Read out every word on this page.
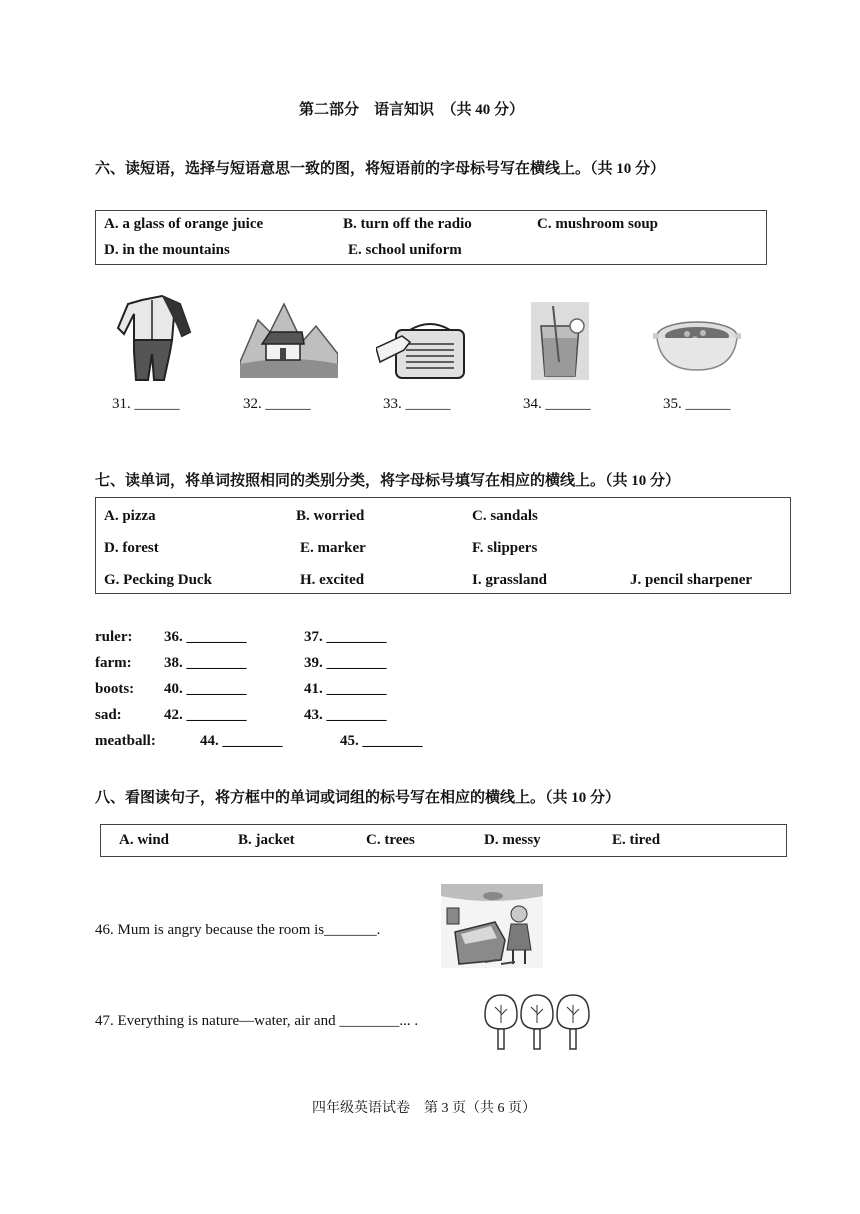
第二部分　语言知识　（共 40 分）
六、读短语，选择与短语意思一致的图，将短语前的字母标号写在横线上。（共 10 分）
A. a glass of orange juice	B. turn off the radio	C. mushroom soup
D. in the mountains	E. school uniform
31. ______	32. ______	33. ______	34. ______	35. ______
七、读单词，将单词按照相同的类别分类，将字母标号填写在相应的横线上。（共 10 分）
A. pizza	B. worried	C. sandals
D. forest	E. marker	F. slippers
G. Pecking Duck	H. excited	I. grassland	J. pencil sharpener
ruler: 36. ________	37. ________
farm: 38. ________	39. ________
boots: 40. ________	41. ________
sad:	42. ________	43. ________
meatball:	44. ________	45. ________
八、看图读句子，将方框中的单词或词组的标号写在相应的横线上。（共 10 分）
A. wind	B. jacket	C. trees	D. messy	E. tired
46. Mum is angry because the room is_______.
47. Everything is nature—water, air and ________... .
四年级英语试卷　第 3 页（共 6 页）
